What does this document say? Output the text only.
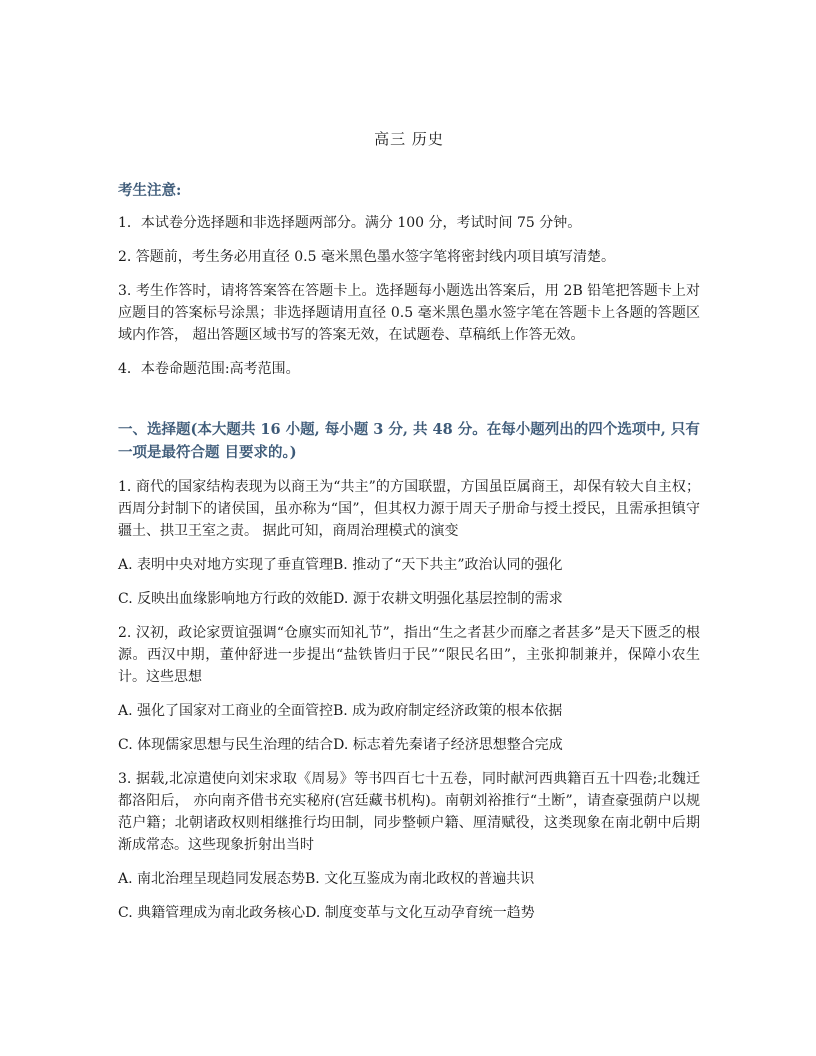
高三 历史
考生注意:

1．本试卷分选择题和非选择题两部分。满分 100 分，考试时间 75 分钟。

2. 答题前，考生务必用直径 0.5 毫米黑色墨水签字笔将密封线内项目填写清楚。

3. 考生作答时，请将答案答在答题卡上。选择题每小题选出答案后，用 2B 铅笔把答题卡上对应题目的答案标号涂黑；非选择题请用直径 0.5 毫米黑色墨水签字笔在答题卡上各题的答题区域内作答， 超出答题区域书写的答案无效，在试题卷、草稿纸上作答无效。

4．本卷命题范围:高考范围。

一、选择题(本大题共 16 小题, 每小题 3 分, 共 48 分。在每小题列出的四个选项中, 只有一项是最符合题 目要求的。)

1. 商代的国家结构表现为以商王为“共主”的方国联盟，方国虽臣属商王，却保有较大自主权；西周分封制下的诸侯国，虽亦称为“国”，但其权力源于周天子册命与授土授民，且需承担镇守疆土、拱卫王室之责。 据此可知，商周治理模式的演变

A. 表明中央对地方实现了垂直管理B. 推动了“天下共主”政治认同的强化
C. 反映出血缘影响地方行政的效能D. 源于农耕文明强化基层控制的需求

2. 汉初，政论家贾谊强调“仓廪实而知礼节”，指出“生之者甚少而靡之者甚多”是天下匮乏的根源。西汉中期，董仲舒进一步提出“盐铁皆归于民”“限民名田”，主张抑制兼并，保障小农生计。这些思想

A. 强化了国家对工商业的全面管控B. 成为政府制定经济政策的根本依据
C. 体现儒家思想与民生治理的结合D. 标志着先秦诸子经济思想整合完成

3. 据载,北凉遣使向刘宋求取《周易》等书四百七十五卷，同时献河西典籍百五十四卷;北魏迁都洛阳后， 亦向南齐借书充实秘府(宫廷藏书机构)。南朝刘裕推行“土断”，请查豪强荫户以规范户籍；北朝诸政权则相继推行均田制，同步整顿户籍、厘清赋役，这类现象在南北朝中后期渐成常态。这些现象折射出当时

A. 南北治理呈现趋同发展态势B. 文化互鉴成为南北政权的普遍共识
C. 典籍管理成为南北政务核心D. 制度变革与文化互动孕育统一趋势
